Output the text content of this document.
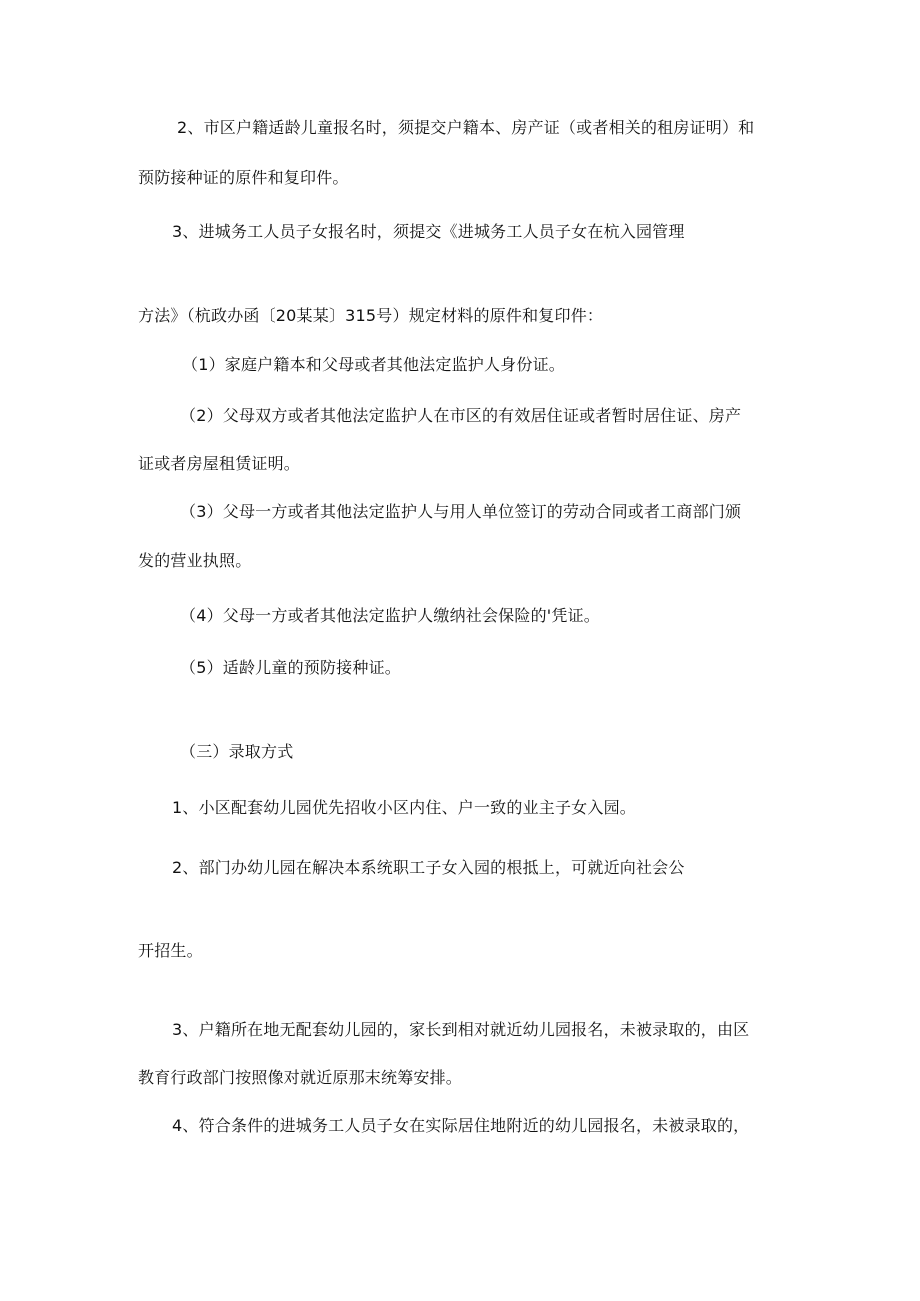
2、市区户籍适龄儿童报名时，须提交户籍本、房产证（或者相关的租房证明）和

预防接种证的原件和复印件。

3、进城务工人员子女报名时，须提交《进城务工人员子女在杭入园管理

方法》（杭政办函〔20某某〕315号）规定材料的原件和复印件：

（1）家庭户籍本和父母或者其他法定监护人身份证。

（2）父母双方或者其他法定监护人在市区的有效居住证或者暂时居住证、房产

证或者房屋租赁证明。

（3）父母一方或者其他法定监护人与用人单位签订的劳动合同或者工商部门颁

发的营业执照。

（4）父母一方或者其他法定监护人缴纳社会保险的'凭证。

（5）适龄儿童的预防接种证。

（三）录取方式

1、小区配套幼儿园优先招收小区内住、户一致的业主子女入园。

2、部门办幼儿园在解决本系统职工子女入园的根抵上，可就近向社会公

开招生。

3、户籍所在地无配套幼儿园的，家长到相对就近幼儿园报名，未被录取的，由区

教育行政部门按照像对就近原那末统筹安排。

4、符合条件的进城务工人员子女在实际居住地附近的幼儿园报名，未被录取的，
